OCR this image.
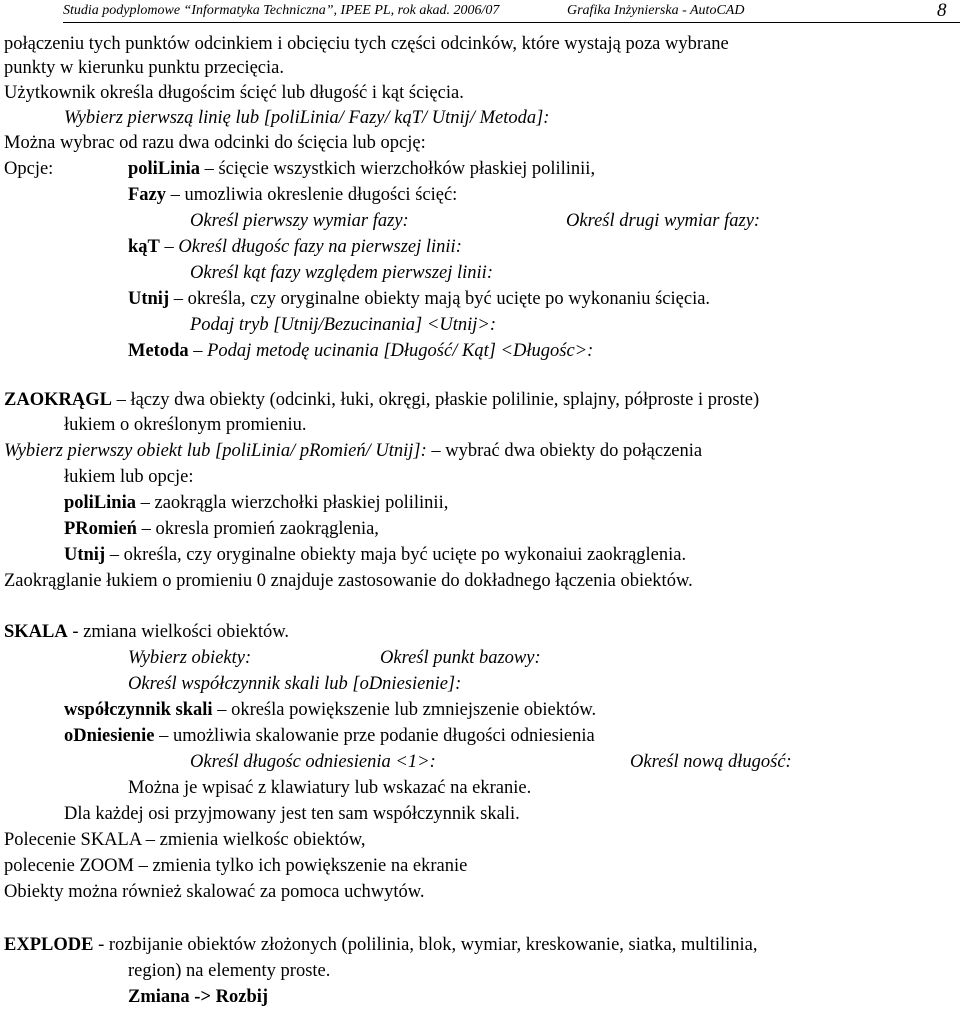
Studia podyplomowe “Informatyka Techniczna”, IPEE PL, rok akad. 2006/07	Grafika Inżynierska - AutoCAD	8
połączeniu tych punktów odcinkiem i obcięciu tych części odcinków, które wystają poza wybrane
punkty w kierunku punktu przecięcia.
Użytkownik określa długościm ścięć lub długość i kąt ścięcia.
Wybierz pierwszą linię lub [poliLinia/ Fazy/ kąT/ Utnij/ Metoda]:
Można wybrac od razu dwa odcinki do ścięcia lub opcję:
Opcje:	poliLinia – ścięcie wszystkich wierzchołków płaskiej polilinii,
Fazy – umozliwia okreslenie długości ścięć:
Określ pierwszy wymiar fazy:	Określ drugi wymiar fazy:
kąT – Określ długośc fazy na pierwszej linii:
Określ kąt fazy względem pierwszej linii:
Utnij – określa, czy oryginalne obiekty mają być ucięte po wykonaniu ścięcia.
Podaj tryb [Utnij/Bezucinania] <Utnij>:
Metoda – Podaj metodę ucinania [Długość/ Kąt] <Długośc>:
ZAOKRĄGL – łączy dwa obiekty (odcinki, łuki, okręgi, płaskie polilinie, splajny, półproste i proste)
łukiem o określonym promieniu.
Wybierz pierwszy obiekt lub [poliLinia/ pRomień/ Utnij]: – wybrać dwa obiekty do połączenia
łukiem lub opcje:
poliLinia – zaokrągla wierzchołki płaskiej polilinii,
PRomień – okresla promień zaokrąglenia,
Utnij – określa, czy oryginalne obiekty maja być ucięte po wykonaiui zaokrąglenia.
Zaokrąglanie łukiem o promieniu 0 znajduje zastosowanie do dokładnego łączenia obiektów.
SKALA - zmiana wielkości obiektów.
Wybierz obiekty:	Określ punkt bazowy:
Określ współczynnik skali lub [oDniesienie]:
współczynnik skali – określa powiększenie lub zmniejszenie obiektów.
oDniesienie – umożliwia skalowanie prze podanie długości odniesienia
Określ długośc odniesienia <1>:	Określ nową długość:
Można je wpisać z klawiatury lub wskazać na ekranie.
Dla każdej osi przyjmowany jest ten sam współczynnik skali.
Polecenie SKALA – zmienia wielkośc obiektów,
polecenie ZOOM – zmienia tylko ich powiększenie na ekranie
Obiekty można również skalować za pomoca uchwytów.
EXPLODE - rozbijanie obiektów złożonych (polilinia, blok, wymiar, kreskowanie, siatka, multilinia,
region) na elementy proste.
Zmiana -> Rozbij
